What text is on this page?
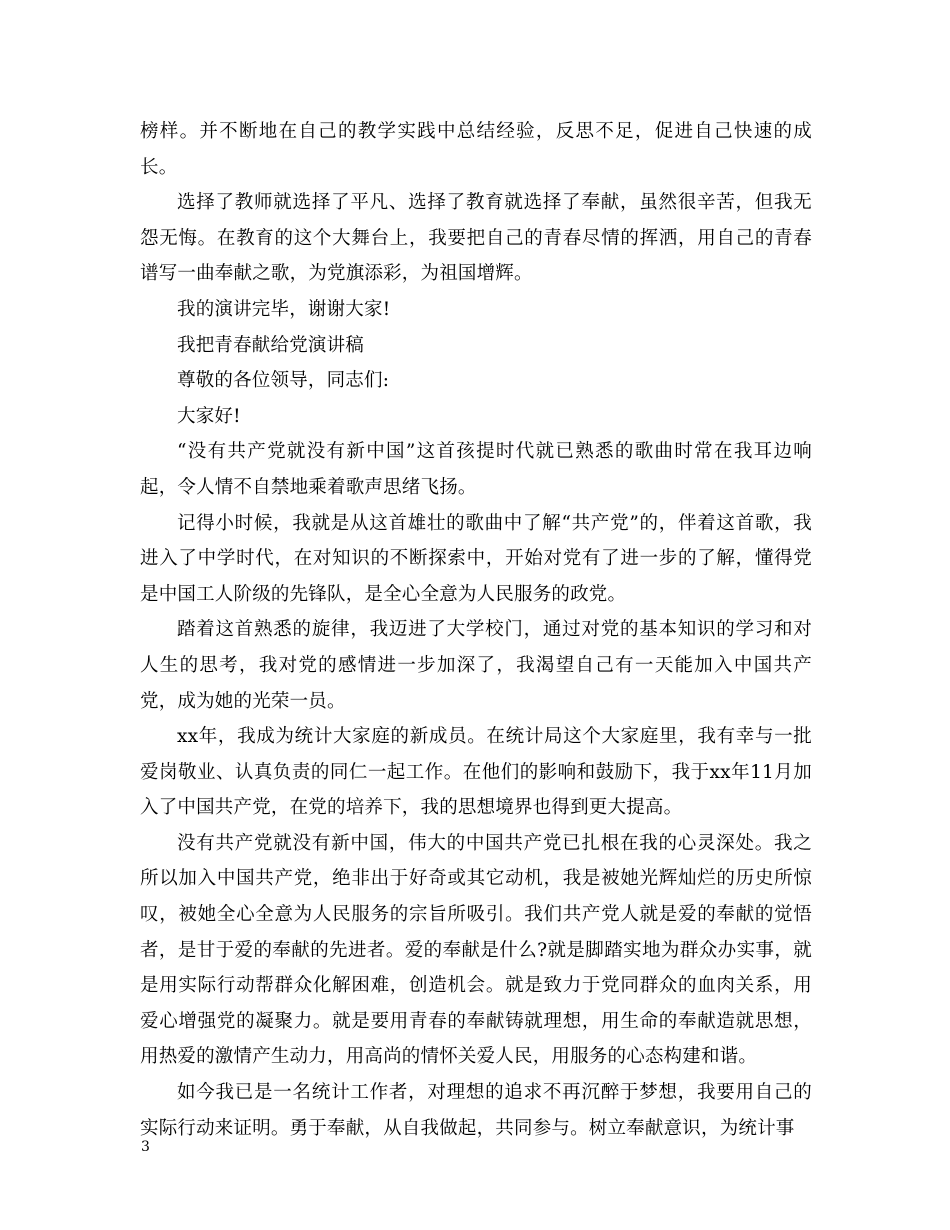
榜样。并不断地在自己的教学实践中总结经验，反思不足，促进自己快速的成长。

选择了教师就选择了平凡、选择了教育就选择了奉献，虽然很辛苦，但我无怨无悔。在教育的这个大舞台上，我要把自己的青春尽情的挥洒，用自己的青春谱写一曲奉献之歌，为党旗添彩，为祖国增辉。

我的演讲完毕，谢谢大家!

我把青春献给党演讲稿

尊敬的各位领导，同志们:

大家好!

“没有共产党就没有新中国”这首孩提时代就已熟悉的歌曲时常在我耳边响起，令人情不自禁地乘着歌声思绪飞扬。

记得小时候，我就是从这首雄壮的歌曲中了解“共产党”的，伴着这首歌，我进入了中学时代，在对知识的不断探索中，开始对党有了进一步的了解，懂得党是中国工人阶级的先锋队，是全心全意为人民服务的政党。

踏着这首熟悉的旋律，我迈进了大学校门，通过对党的基本知识的学习和对人生的思考，我对党的感情进一步加深了，我渴望自己有一天能加入中国共产党，成为她的光荣一员。

xx年，我成为统计大家庭的新成员。在统计局这个大家庭里，我有幸与一批爱岗敬业、认真负责的同仁一起工作。在他们的影响和鼓励下，我于xx年11月加入了中国共产党，在党的培养下，我的思想境界也得到更大提高。

没有共产党就没有新中国，伟大的中国共产党已扎根在我的心灵深处。我之所以加入中国共产党，绝非出于好奇或其它动机，我是被她光辉灿烂的历史所惊叹，被她全心全意为人民服务的宗旨所吸引。我们共产党人就是爱的奉献的觉悟者，是甘于爱的奉献的先进者。爱的奉献是什么?就是脚踏实地为群众办实事，就是用实际行动帮群众化解困难，创造机会。就是致力于党同群众的血肉关系，用爱心增强党的凝聚力。就是要用青春的奉献铸就理想，用生命的奉献造就思想，用热爱的激情产生动力，用高尚的情怀关爱人民，用服务的心态构建和谐。

如今我已是一名统计工作者，对理想的追求不再沉醉于梦想，我要用自己的实际行动来证明。勇于奉献，从自我做起，共同参与。树立奉献意识，为统计事

3
